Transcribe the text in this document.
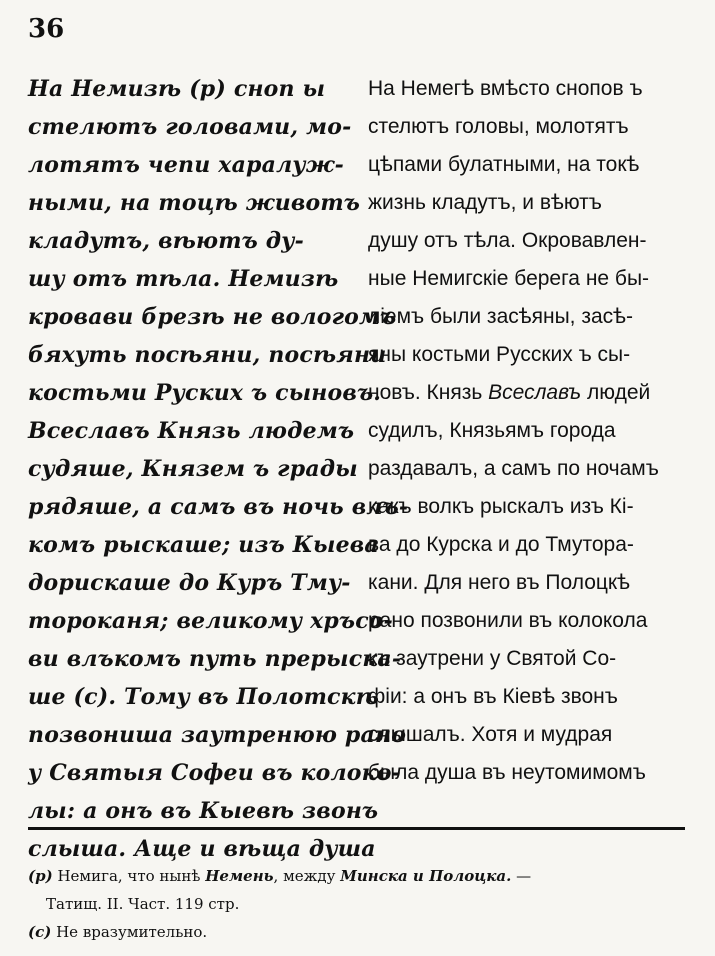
36
На Немизѣ (р) сноп ы
стелютъ головами, мо-
лотятъ чепи харалуж-
ными, на тоцѣ животъ
кладутъ, вѣютъ ду-
шу отъ тѣла. Немизѣ
кровави брезѣ не вологомъ
бяхуть посѣяни, посѣяни
костьми Руских ъ сыновъ.
Всеславъ Князь людемъ
судяше, Князем ъ грады
рядяше, а самъ въ ночь влъ-
комъ рыскаше; изъ Кыева
дорискаше до Куръ Тму-
тороканя; великому хръсо-
ви влъкомъ путь прерыска-
ше (с). Тому въ Полотскѣ
позвониша заутренюю рано
у Святыя Софеи въ колоко-
лы: а онъ въ Кыевѣ звонъ
слыша. Аще и вѣща душа
На Немегѣ вмѣсто снопов ъ
стелютъ головы, молотятъ
цѣпами булатными, на токѣ
жизнь кладутъ, и вѣютъ
душу отъ тѣла. Окровавлен-
ные Немигскiе берега не бы-
лiемъ были засѣяны, засѣ-
яны костьми Русских ъ сы-
новъ. Князь Всеславъ людей
судилъ, Князьямъ города
раздавалъ, а самъ по ночамъ
какъ волкъ рыскалъ изъ Кi-
ва до Курска и до Тмутора-
кани. Для него въ Полоцкѣ
рано позвонили въ колокола
къ заутрени у Святой Со-
фiи: а онъ въ Кiевѣ звонъ
слышалъ. Хотя и мудрая
была душа въ неутомимомъ
(р) Немига, что нынѣ Немень, между Минска и Полоцка. —
Татищ. II. Част. 119 стр.
(с) Не вразумительно.
